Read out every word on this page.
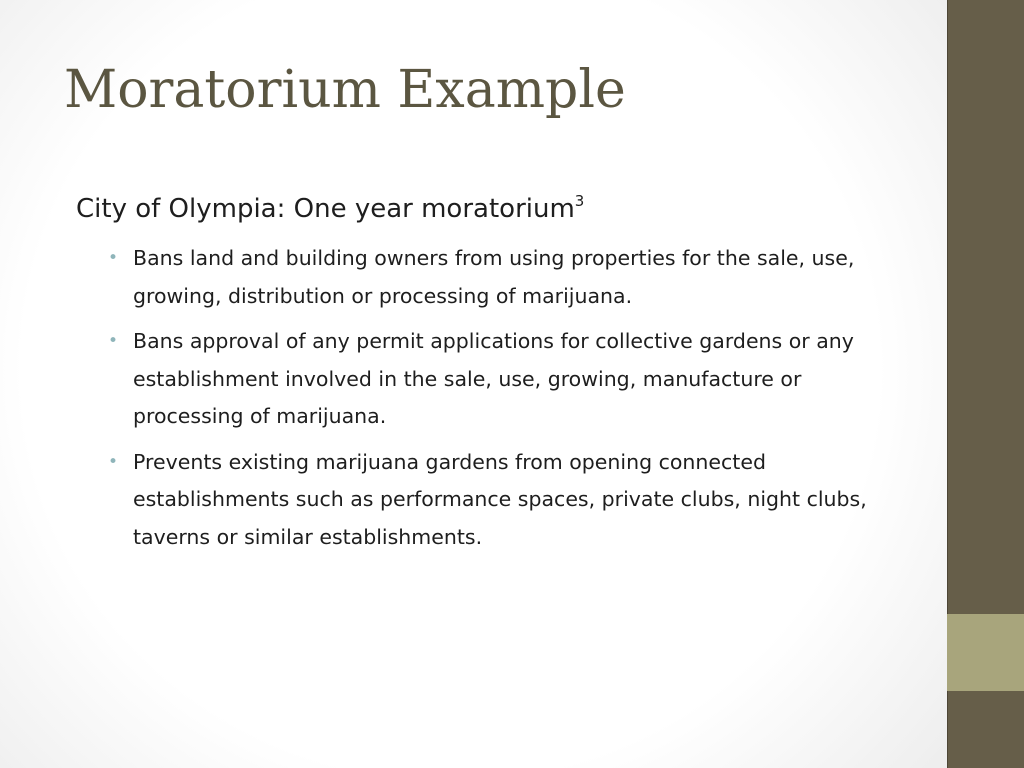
Moratorium Example
City of Olympia: One year moratorium$^3$
• Bans land and building owners from using properties for the sale, use, growing, distribution or processing of marijuana.
• Bans approval of any permit applications for collective gardens or any establishment involved in the sale, use, growing, manufacture or processing of marijuana.
• Prevents existing marijuana gardens from opening connected establishments such as performance spaces, private clubs, night clubs, taverns or similar establishments.
